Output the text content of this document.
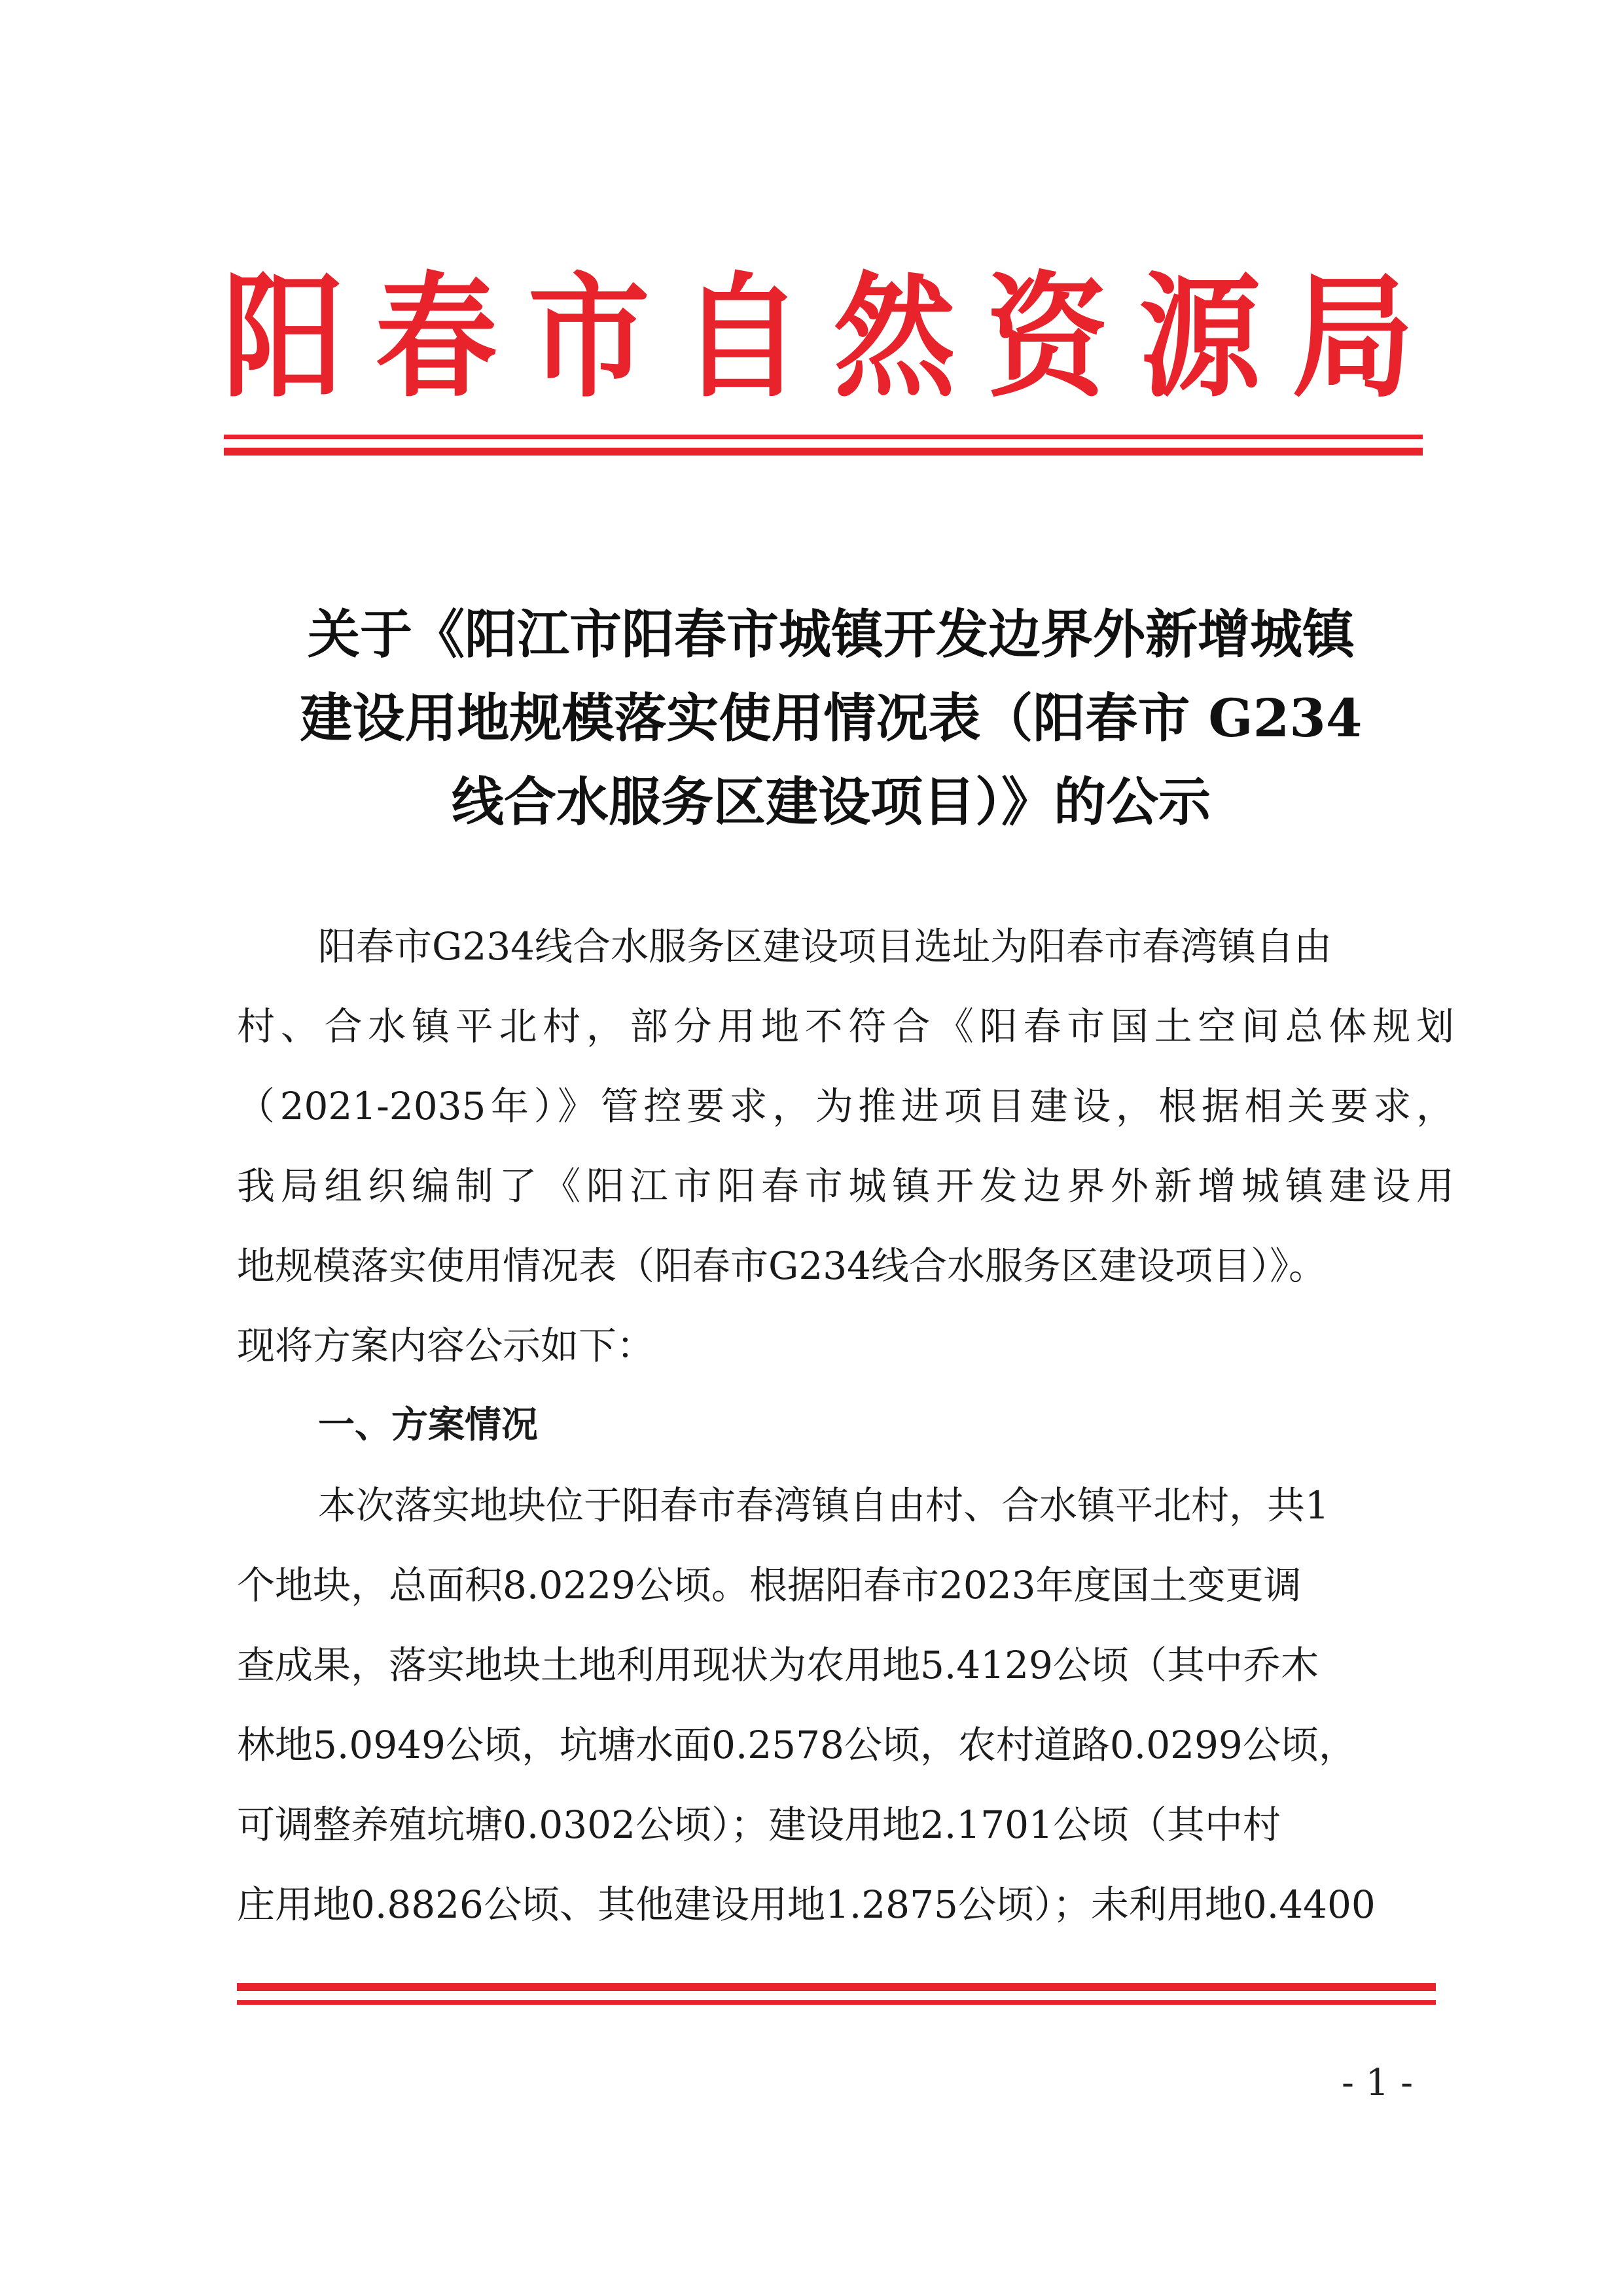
阳 春 市 自 然 资 源 局
关于《阳江市阳春市城镇开发边界外新增城镇
建设用地规模落实使用情况表（阳春市 G234
线合水服务区建设项目）》的公示
阳春市G234线合水服务区建设项目选址为阳春市春湾镇自由
村、合水镇平北村，部分用地不符合《阳春市国土空间总体规划
（2021-2035年）》管控要求，为推进项目建设，根据相关要求，
我局组织编制了《阳江市阳春市城镇开发边界外新增城镇建设用
地规模落实使用情况表（阳春市G234线合水服务区建设项目）》。
现将方案内容公示如下：
一、方案情况
本次落实地块位于阳春市春湾镇自由村、合水镇平北村，共1
个地块，总面积8.0229公顷。根据阳春市2023年度国土变更调
查成果，落实地块土地利用现状为农用地5.4129公顷（其中乔木
林地5.0949公顷，坑塘水面0.2578公顷，农村道路0.0299公顷，
可调整养殖坑塘0.0302公顷）；建设用地2.1701公顷（其中村
庄用地0.8826公顷、其他建设用地1.2875公顷）；未利用地0.4400
- 1 -
